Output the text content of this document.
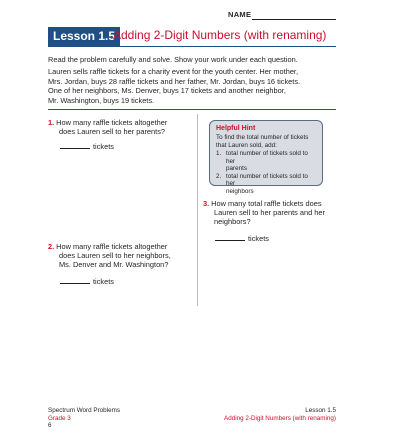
NAME
Lesson 1.5
Adding 2-Digit Numbers (with renaming)
Read the problem carefully and solve. Show your work under each question.
Lauren sells raffle tickets for a charity event for the youth center. Her mother,
Mrs. Jordan, buys 28 raffle tickets and her father, Mr. Jordan, buys 16 tickets.
One of her neighbors, Ms. Denver, buys 17 tickets and another neighbor,
Mr. Washington, buys 19 tickets.
1. How many raffle tickets altogether
does Lauren sell to her parents?
tickets
Helpful Hint
To find the total number of tickets
that Lauren sold, add:
1. total number of tickets sold to her
parents
2. total number of tickets sold to her
neighbors
3. How many total raffle tickets does
Lauren sell to her parents and her
neighbors?
tickets
2. How many raffle tickets altogether
does Lauren sell to her neighbors,
Ms. Denver and Mr. Washington?
tickets
Spectrum Word Problems
Grade 3
6
Lesson 1.5
Adding 2-Digit Numbers (with renaming)
